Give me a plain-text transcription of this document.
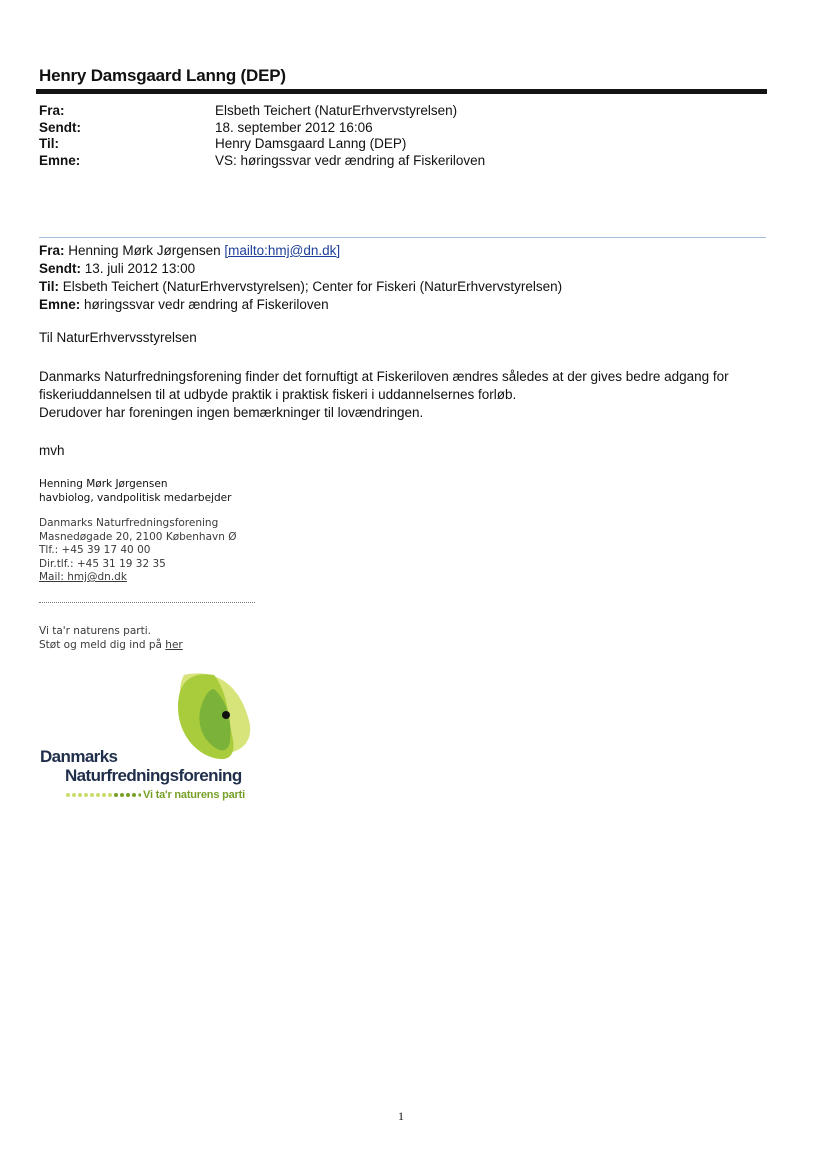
Henry Damsgaard Lanng (DEP)
Fra:	Elsbeth Teichert (NaturErhvervstyrelsen)
Sendt:	18. september 2012 16:06
Til:	Henry Damsgaard Lanng (DEP)
Emne:	VS: høringssvar vedr ændring af Fiskeriloven
Fra: Henning Mørk Jørgensen [mailto:hmj@dn.dk]
Sendt: 13. juli 2012 13:00
Til: Elsbeth Teichert (NaturErhvervstyrelsen); Center for Fiskeri (NaturErhvervstyrelsen)
Emne: høringssvar vedr ændring af Fiskeriloven
Til NaturErhvervsstyrelsen
Danmarks Naturfredningsforening finder det fornuftigt at Fiskeriloven ændres således at der gives bedre adgang for
fiskeriuddannelsen til at udbyde praktik i praktisk fiskeri i uddannelsernes forløb.
Derudover har foreningen ingen bemærkninger til lovændringen.
mvh
Henning Mørk Jørgensen
havbiolog, vandpolitisk medarbejder
Danmarks Naturfredningsforening
Masnedøgade 20, 2100 København Ø
Tlf.: +45 39 17 40 00
Dir.tlf.: +45 31 19 32 35
Mail: hmj@dn.dk
Vi ta'r naturens parti.
Støt og meld dig ind på her
Danmarks
Naturfredningsforening
Vi ta'r naturens parti
1
